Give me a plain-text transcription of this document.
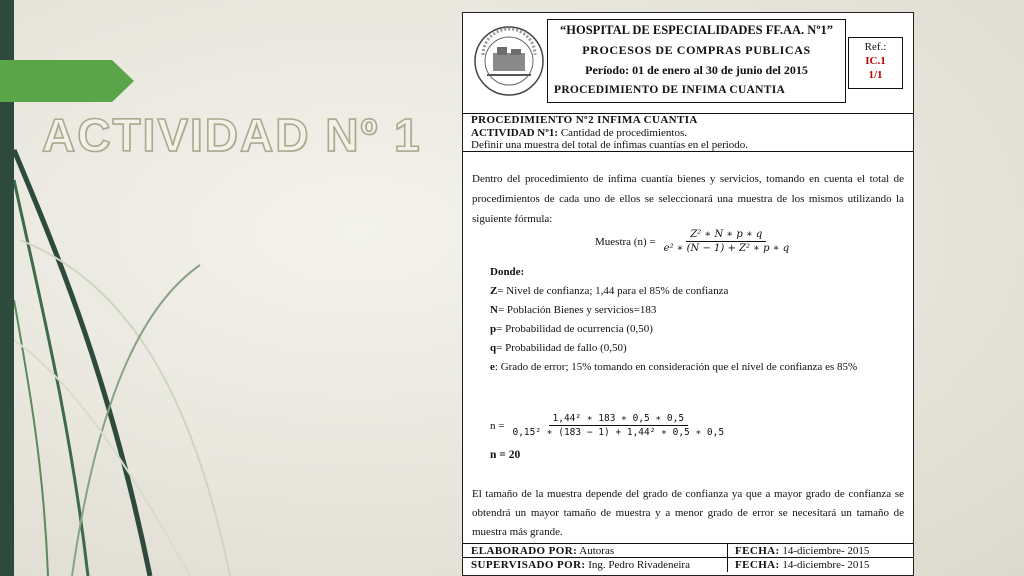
ACTIVIDAD Nº 1
“HOSPITAL DE ESPECIALIDADES FF.AA. Nº1”
PROCESOS DE COMPRAS PUBLICAS
Período: 01 de enero al 30 de junio del 2015
PROCEDIMIENTO DE INFIMA CUANTIA
Ref.:
IC.1
1/1
PROCEDIMIENTO Nº2 INFIMA CUANTIA
ACTIVIDAD Nº1: Cantidad de procedimientos.
Definir una muestra del total de ínfimas cuantías en el periodo.
Dentro del procedimiento de ínfima cuantía bienes y servicios, tomando en cuenta el total de procedimientos de cada uno de ellos se seleccionará una muestra de los mismos utilizando la siguiente fórmula:
Muestra $(n) = \frac{\text{Z² ∗ N ∗ p ∗ q}}{\text{e² ∗ (N − 1) + Z² ∗ p ∗ q}}$
Donde:
Z= Nivel de confianza; 1,44 para el 85% de confianza
N= Población Bienes y servicios=183
p= Probabilidad de ocurrencia (0,50)
q= Probabilidad de fallo (0,50)
e: Grado de error; 15% tomando en consideración que el nivel de confianza es 85%
$n = \frac{\text{1,44² ∗ 183 ∗ 0,5 ∗ 0,5}}{\text{0,15² ∗ (183 − 1) + 1,44² ∗ 0,5 ∗ 0,5}}$
n = 20
El tamaño de la muestra depende del grado de confianza ya que a mayor grado de confianza se obtendrá un mayor tamaño de muestra y a menor grado de error se necesitará un tamaño de muestra más grande.
ELABORADO POR: Autoras	FECHA: 14-diciembre- 2015
SUPERVISADO POR: Ing. Pedro Rivadeneira	FECHA: 14-diciembre- 2015
